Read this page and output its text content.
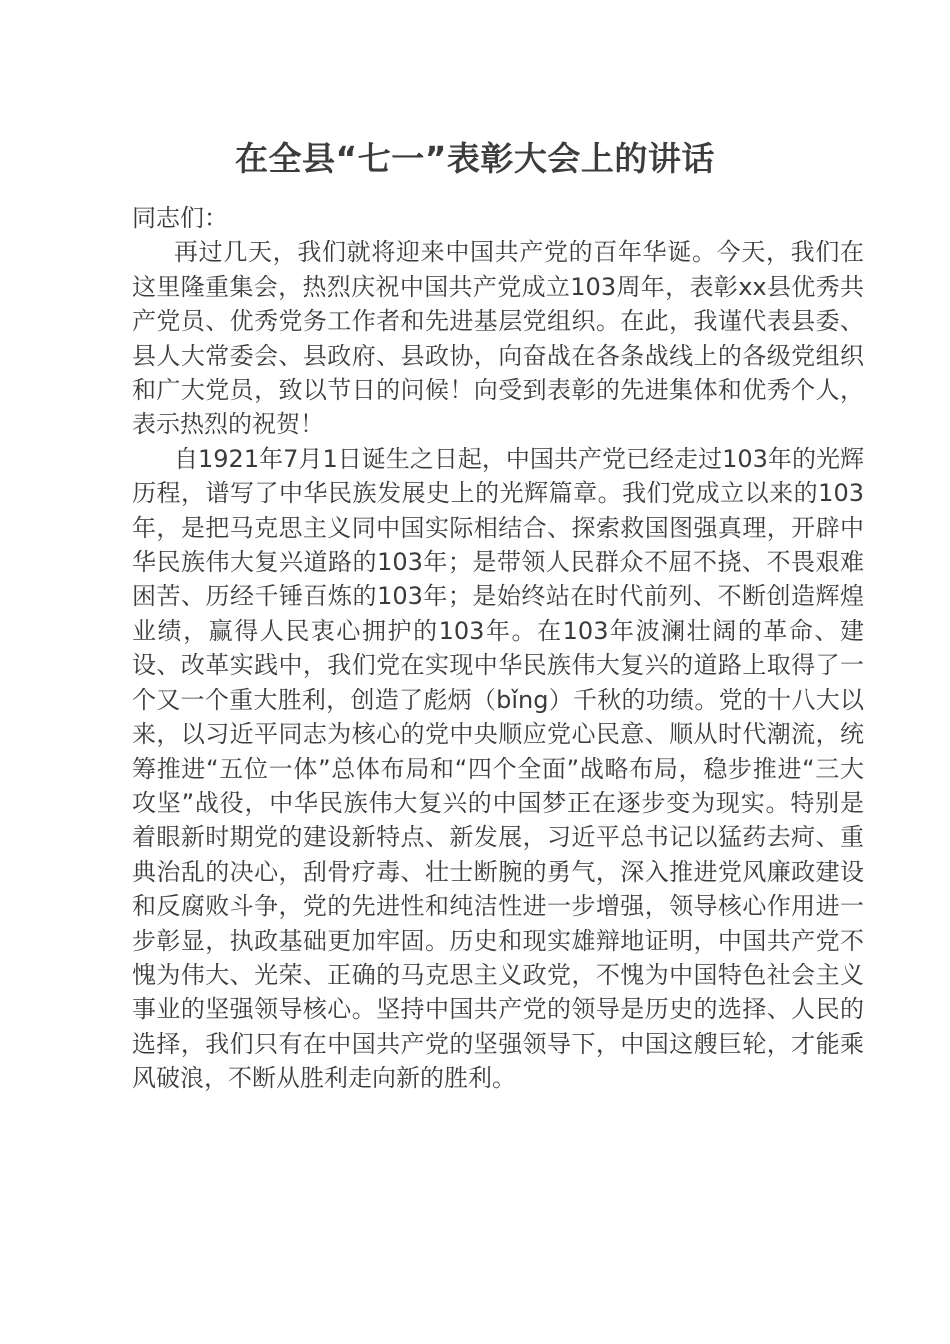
在全县“七一”表彰大会上的讲话

同志们：

再过几天，我们就将迎来中国共产党的百年华诞。今天，我们在这里隆重集会，热烈庆祝中国共产党成立103周年，表彰xx县优秀共产党员、优秀党务工作者和先进基层党组织。在此，我谨代表县委、县人大常委会、县政府、县政协，向奋战在各条战线上的各级党组织和广大党员，致以节日的问候！向受到表彰的先进集体和优秀个人，表示热烈的祝贺！

自1921年7月1日诞生之日起，中国共产党已经走过103年的光辉历程，谱写了中华民族发展史上的光辉篇章。我们党成立以来的103年，是把马克思主义同中国实际相结合、探索救国图强真理，开辟中华民族伟大复兴道路的103年；是带领人民群众不屈不挠、不畏艰难困苦、历经千锤百炼的103年；是始终站在时代前列、不断创造辉煌业绩，赢得人民衷心拥护的103年。在103年波澜壮阔的革命、建设、改革实践中，我们党在实现中华民族伟大复兴的道路上取得了一个又一个重大胜利，创造了彪炳（bǐng）千秋的功绩。党的十八大以来，以习近平同志为核心的党中央顺应党心民意、顺从时代潮流，统筹推进“五位一体”总体布局和“四个全面”战略布局，稳步推进“三大攻坚”战役，中华民族伟大复兴的中国梦正在逐步变为现实。特别是着眼新时期党的建设新特点、新发展，习近平总书记以猛药去疴、重典治乱的决心，刮骨疗毒、壮士断腕的勇气，深入推进党风廉政建设和反腐败斗争，党的先进性和纯洁性进一步增强，领导核心作用进一步彰显，执政基础更加牢固。历史和现实雄辩地证明，中国共产党不愧为伟大、光荣、正确的马克思主义政党，不愧为中国特色社会主义事业的坚强领导核心。坚持中国共产党的领导是历史的选择、人民的选择，我们只有在中国共产党的坚强领导下，中国这艘巨轮，才能乘风破浪，不断从胜利走向新的胜利。
